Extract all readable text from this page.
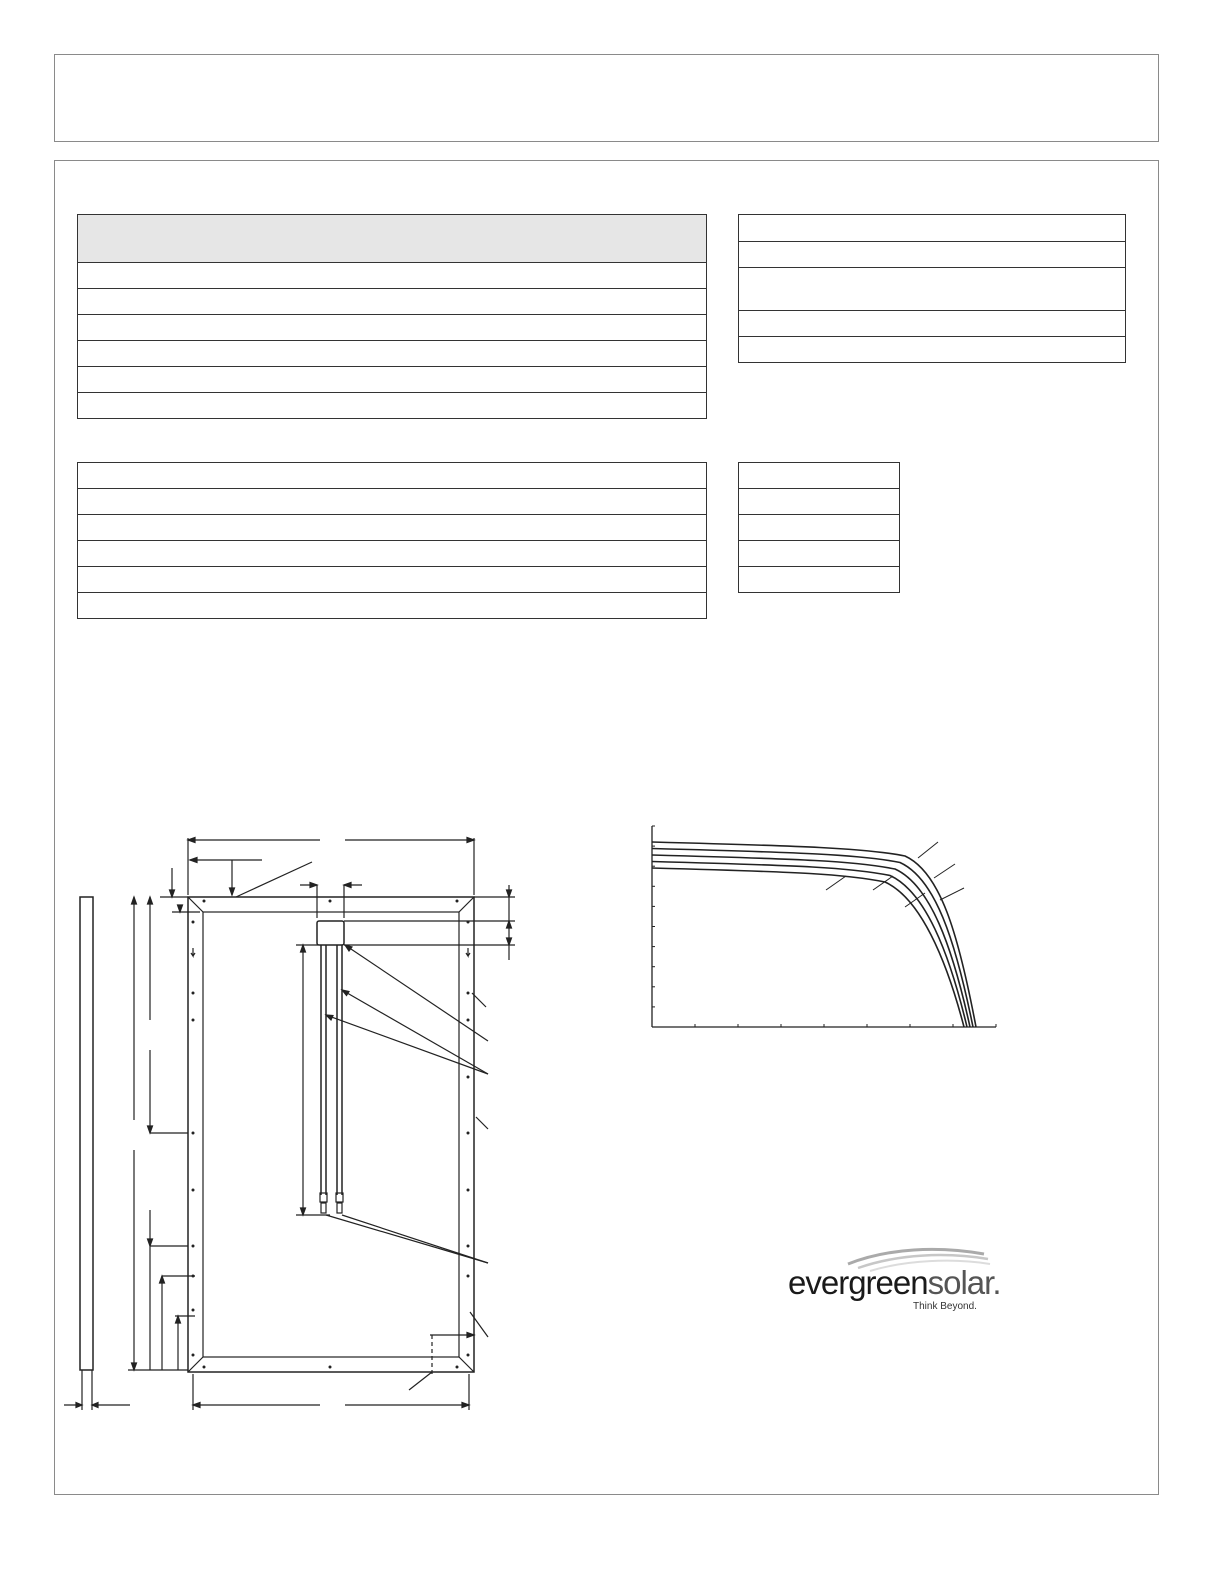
evergreensolar.
Think Beyond.
